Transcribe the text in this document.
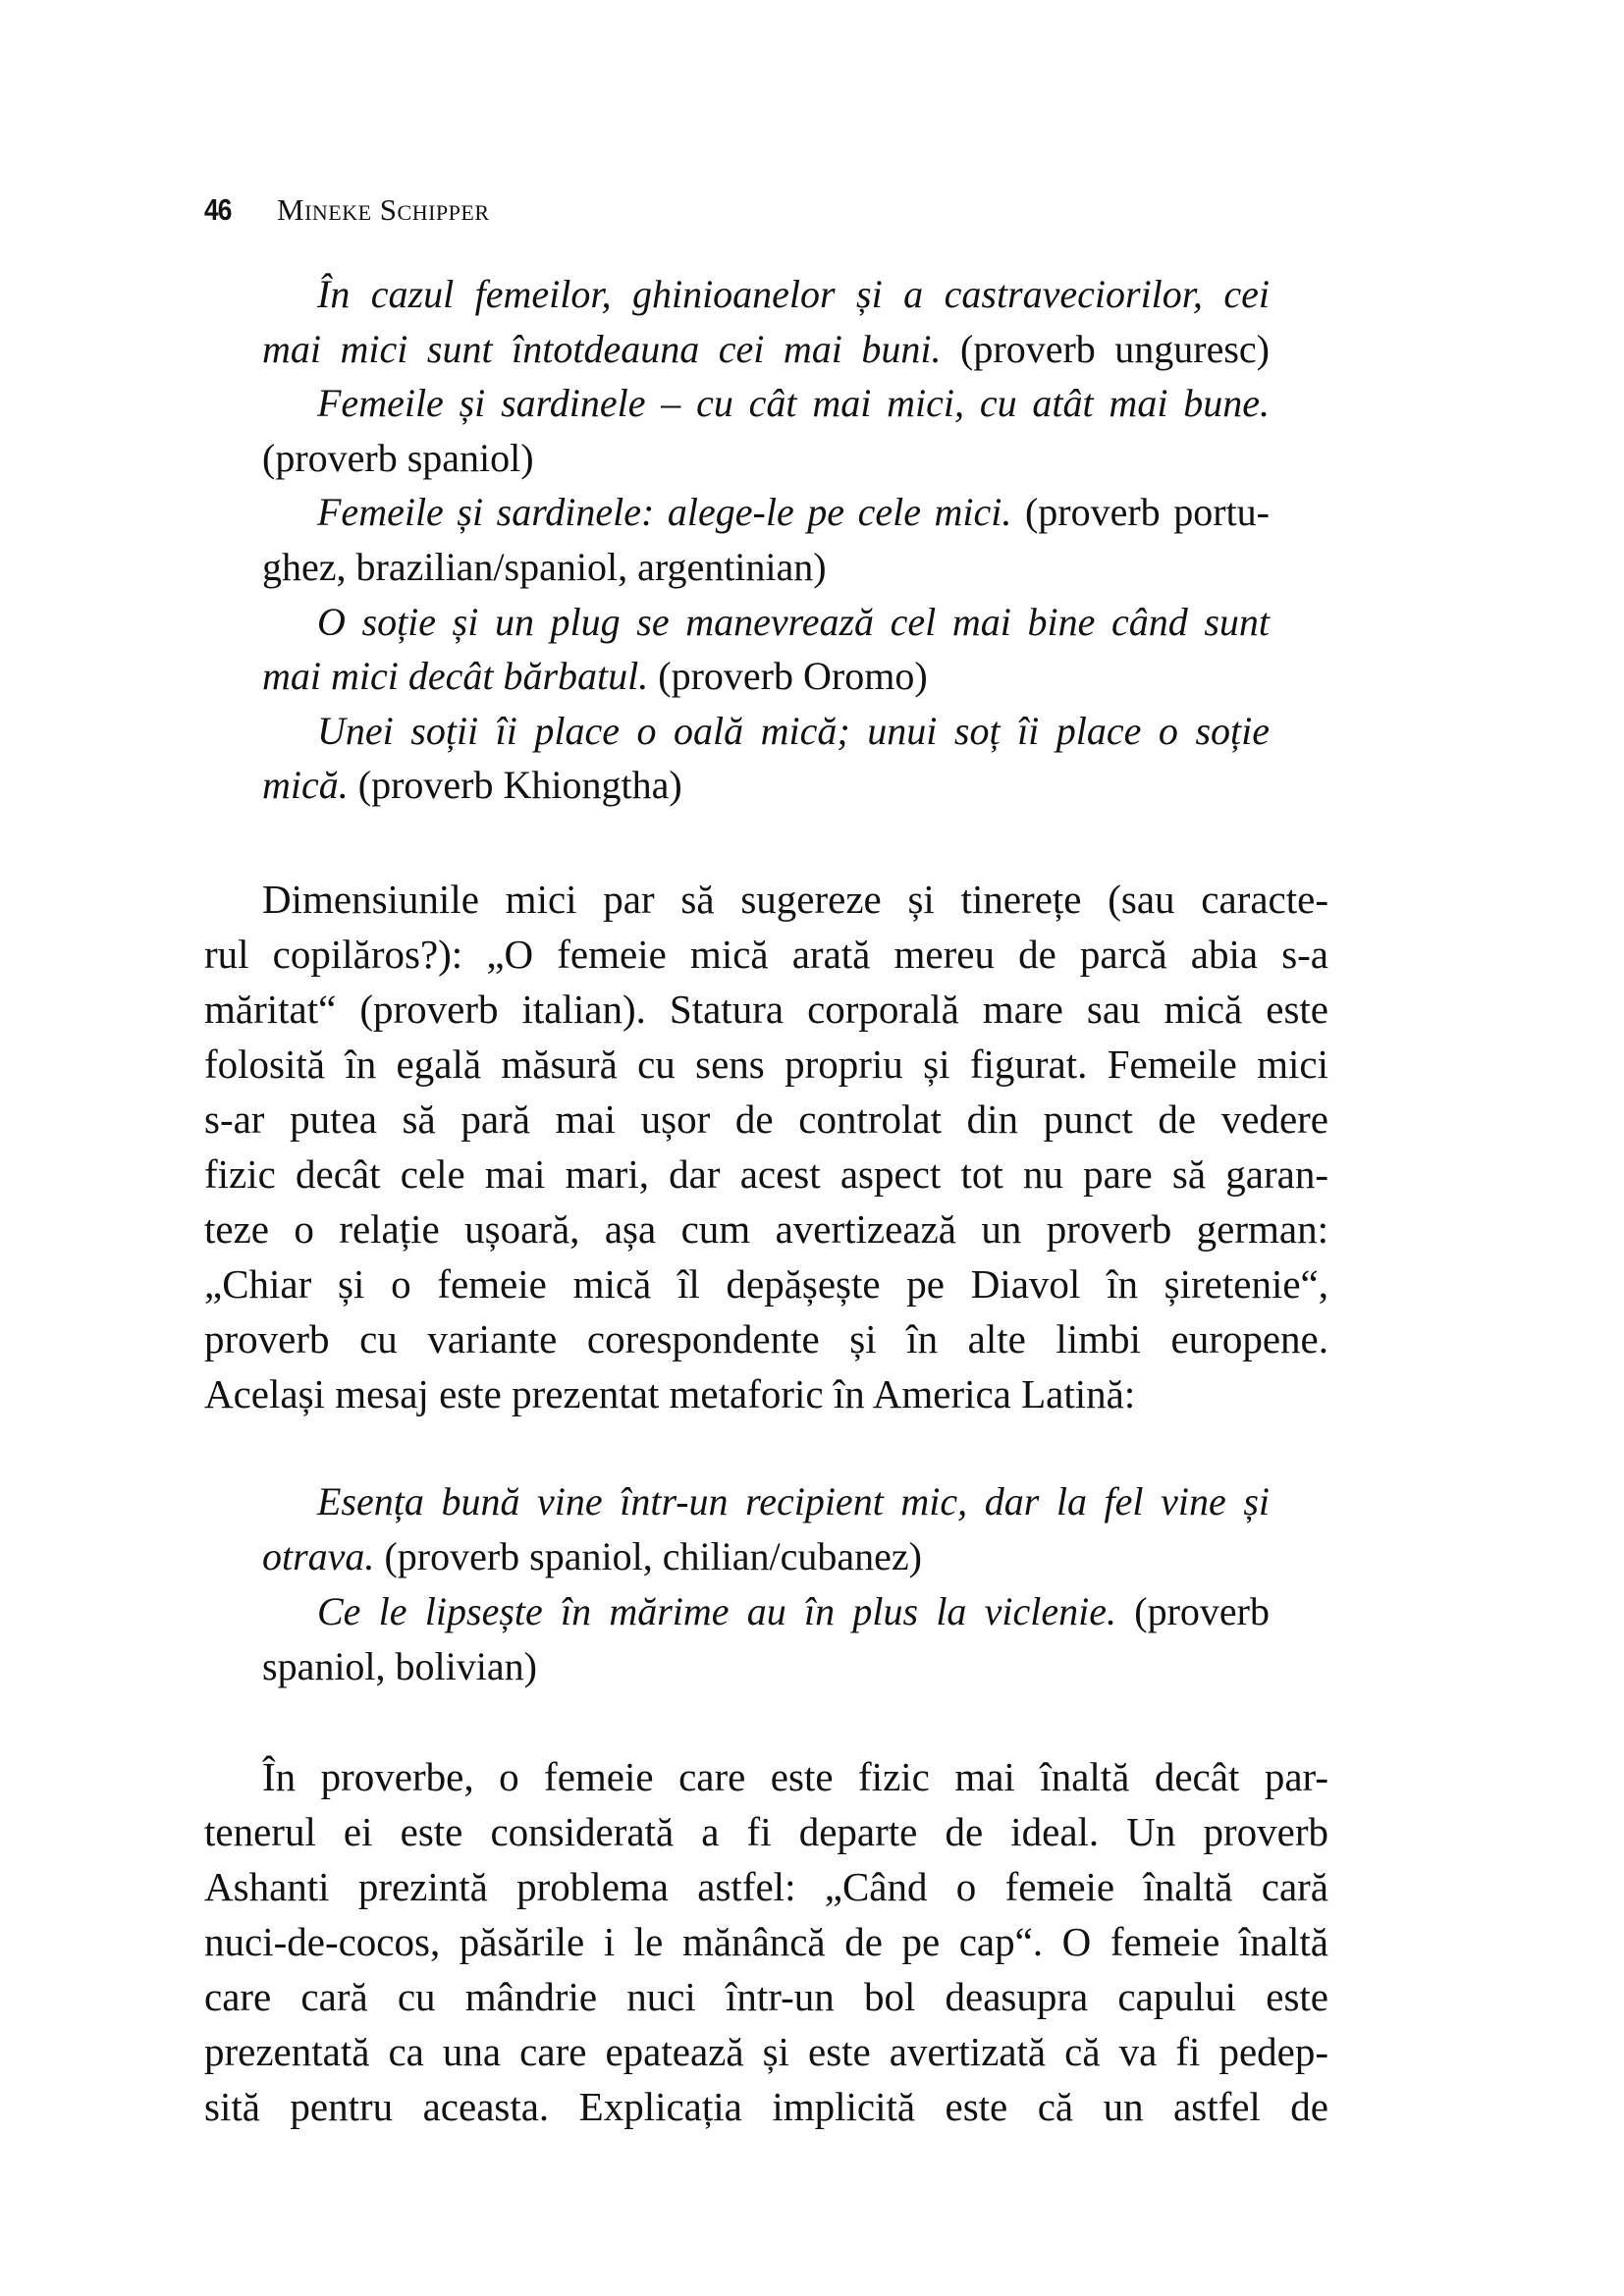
46 Mineke Schipper
În cazul femeilor, ghinioanelor și a castraveciorilor, cei
mai mici sunt întotdeauna cei mai buni. (proverb unguresc)
Femeile și sardinele – cu cât mai mici, cu atât mai bune.
(proverb spaniol)
Femeile și sardinele: alege-le pe cele mici. (proverb portu-
ghez, brazilian/spaniol, argentinian)
O soție și un plug se manevrează cel mai bine când sunt
mai mici decât bărbatul. (proverb Oromo)
Unei soții îi place o oală mică; unui soț îi place o soție
mică. (proverb Khiongtha)
Dimensiunile mici par să sugereze și tinerețe (sau caracte-
rul copilăros?): „O femeie mică arată mereu de parcă abia s-a
măritat“ (proverb italian). Statura corporală mare sau mică este
folosită în egală măsură cu sens propriu și figurat. Femeile mici
s-ar putea să pară mai ușor de controlat din punct de vedere
fizic decât cele mai mari, dar acest aspect tot nu pare să garan-
teze o relație ușoară, așa cum avertizează un proverb german:
„Chiar și o femeie mică îl depășește pe Diavol în șiretenie“,
proverb cu variante corespondente și în alte limbi europene.
Același mesaj este prezentat metaforic în America Latină:
Esența bună vine într-un recipient mic, dar la fel vine și
otrava. (proverb spaniol, chilian/cubanez)
Ce le lipsește în mărime au în plus la viclenie. (proverb
spaniol, bolivian)
În proverbe, o femeie care este fizic mai înaltă decât par-
tenerul ei este considerată a fi departe de ideal. Un proverb
Ashanti prezintă problema astfel: „Când o femeie înaltă cară
nuci-de-cocos, păsările i le mănâncă de pe cap“. O femeie înaltă
care cară cu mândrie nuci într-un bol deasupra capului este
prezentată ca una care epatează și este avertizată că va fi pedep-
sită pentru aceasta. Explicația implicită este că un astfel de
